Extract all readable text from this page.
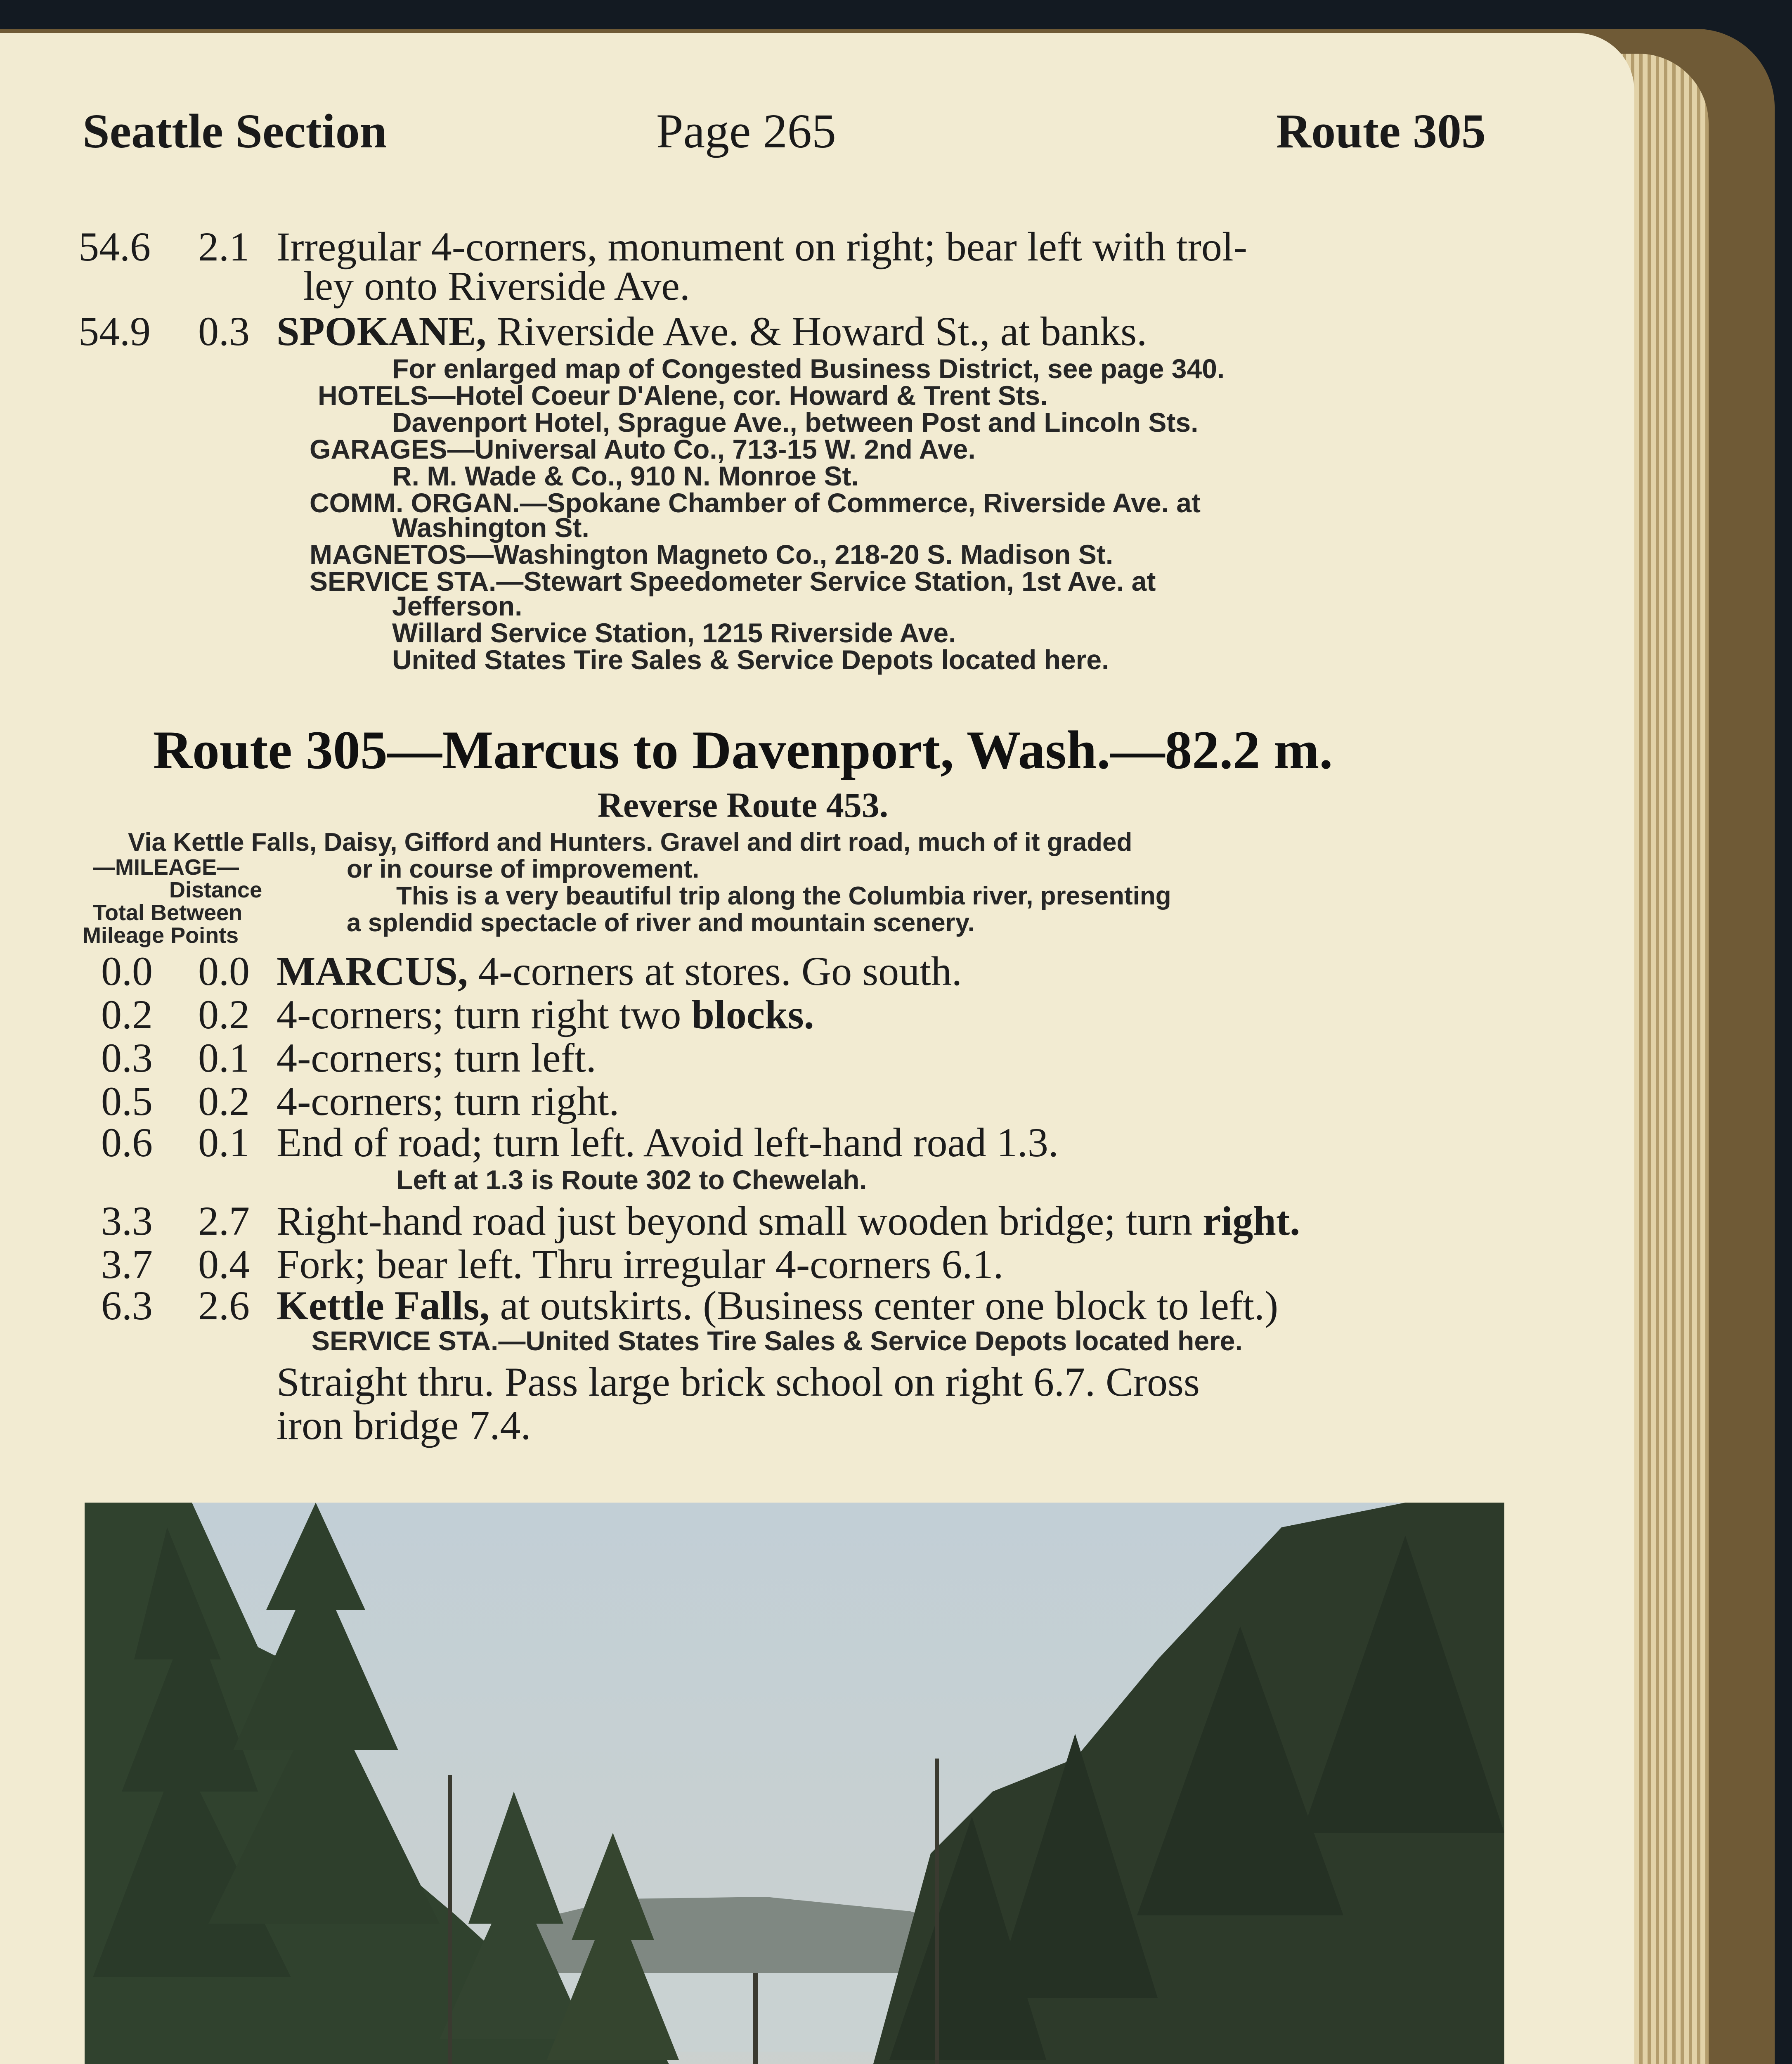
Seattle Section	Page 265	Route 305
54.6 2.1 Irregular 4-corners, monument on right; bear left with trol-
ley onto Riverside Ave.
54.9 0.3 SPOKANE, Riverside Ave. & Howard St., at banks.
For enlarged map of Congested Business District, see page 340.
HOTELS—Hotel Coeur D'Alene, cor. Howard & Trent Sts.
Davenport Hotel, Sprague Ave., between Post and Lincoln Sts.
GARAGES—Universal Auto Co., 713-15 W. 2nd Ave.
R. M. Wade & Co., 910 N. Monroe St.
COMM. ORGAN.—Spokane Chamber of Commerce, Riverside Ave. at
Washington St.
MAGNETOS—Washington Magneto Co., 218-20 S. Madison St.
SERVICE STA.—Stewart Speedometer Service Station, 1st Ave. at
Jefferson.
Willard Service Station, 1215 Riverside Ave.
United States Tire Sales & Service Depots located here.
Route 305—Marcus to Davenport, Wash.—82.2 m.
Reverse Route 453.
Via Kettle Falls, Daisy, Gifford and Hunters. Gravel and dirt road, much of it graded
or in course of improvement.
This is a very beautiful trip along the Columbia river, presenting
a splendid spectacle of river and mountain scenery.
—MILEAGE—
Distance
Total Between
Mileage Points
0.0 0.0 MARCUS, 4-corners at stores. Go south.
0.2 0.2 4-corners; turn right two blocks.
0.3 0.1 4-corners; turn left.
0.5 0.2 4-corners; turn right.
0.6 0.1 End of road; turn left. Avoid left-hand road 1.3.
Left at 1.3 is Route 302 to Chewelah.
3.3 2.7 Right-hand road just beyond small wooden bridge; turn right.
3.7 0.4 Fork; bear left. Thru irregular 4-corners 6.1.
6.3 2.6 Kettle Falls, at outskirts. (Business center one block to left.)
SERVICE STA.—United States Tire Sales & Service Depots located here.
Straight thru. Pass large brick school on right 6.7. Cross
iron bridge 7.4.
